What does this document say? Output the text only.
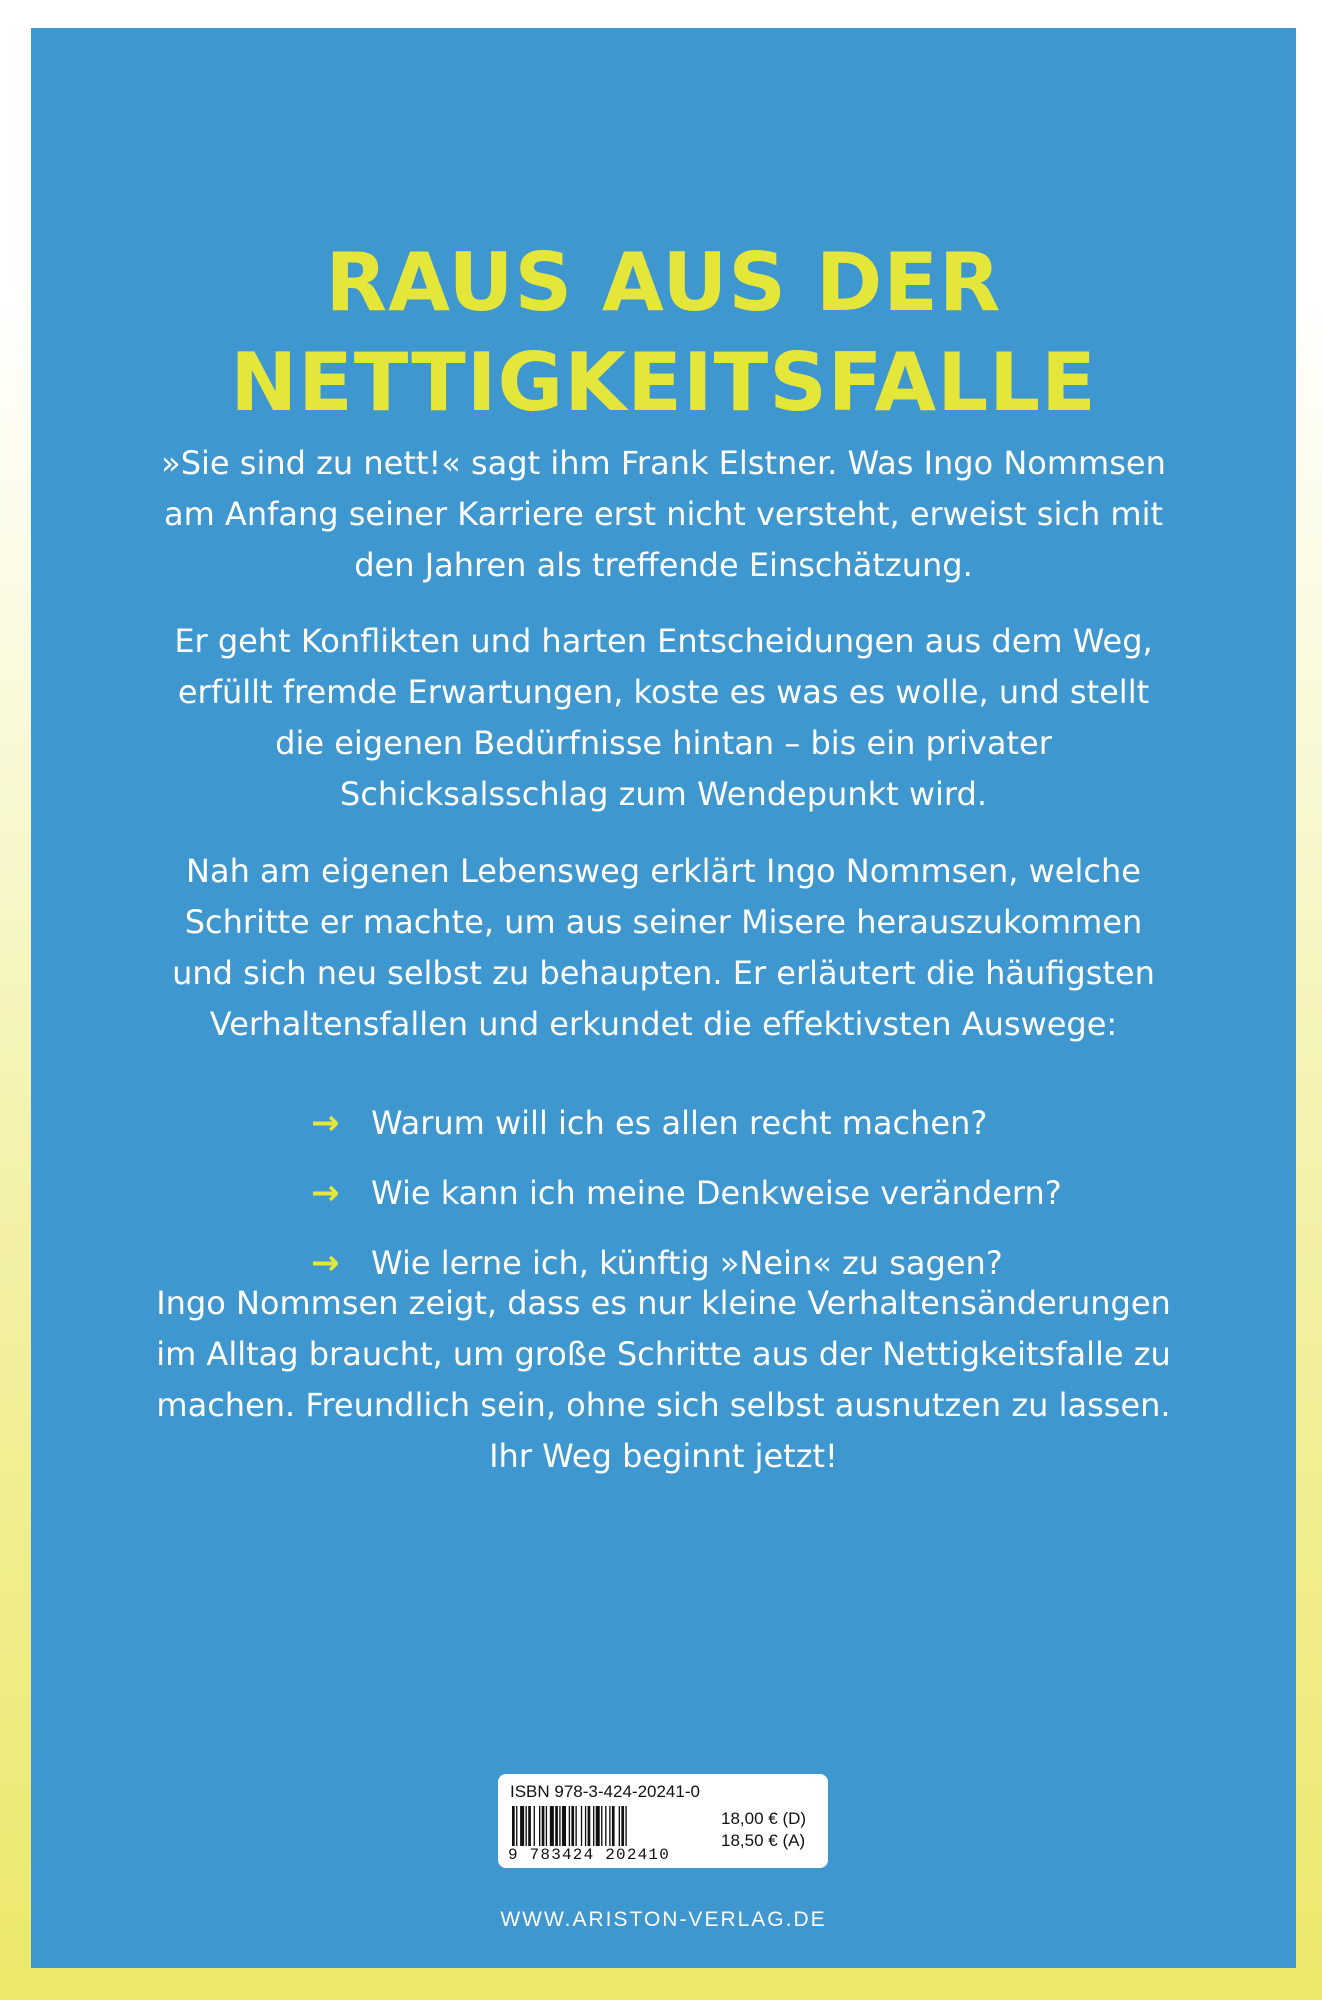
RAUS AUS DER
NETTIGKEITSFALLE

»Sie sind zu nett!« sagt ihm Frank Elstner. Was Ingo Nommsen am Anfang seiner Karriere erst nicht versteht, erweist sich mit den Jahren als treffende Einschätzung.

Er geht Konflikten und harten Entscheidungen aus dem Weg, erfüllt fremde Erwartungen, koste es was es wolle, und stellt die eigenen Bedürfnisse hintan – bis ein privater Schicksalsschlag zum Wendepunkt wird.

Nah am eigenen Lebensweg erklärt Ingo Nommsen, welche Schritte er machte, um aus seiner Misere herauszukommen und sich neu selbst zu behaupten. Er erläutert die häufigsten Verhaltensfallen und erkundet die effektivsten Auswege:

→ Warum will ich es allen recht machen?
→ Wie kann ich meine Denkweise verändern?
→ Wie lerne ich, künftig »Nein« zu sagen?

Ingo Nommsen zeigt, dass es nur kleine Verhaltensänderungen im Alltag braucht, um große Schritte aus der Nettigkeitsfalle zu machen. Freundlich sein, ohne sich selbst ausnutzen zu lassen. Ihr Weg beginnt jetzt!

ISBN 978-3-424-20241-0
9 783424 202410
18,00 € (D)
18,50 € (A)
WWW.ARISTON-VERLAG.DE
